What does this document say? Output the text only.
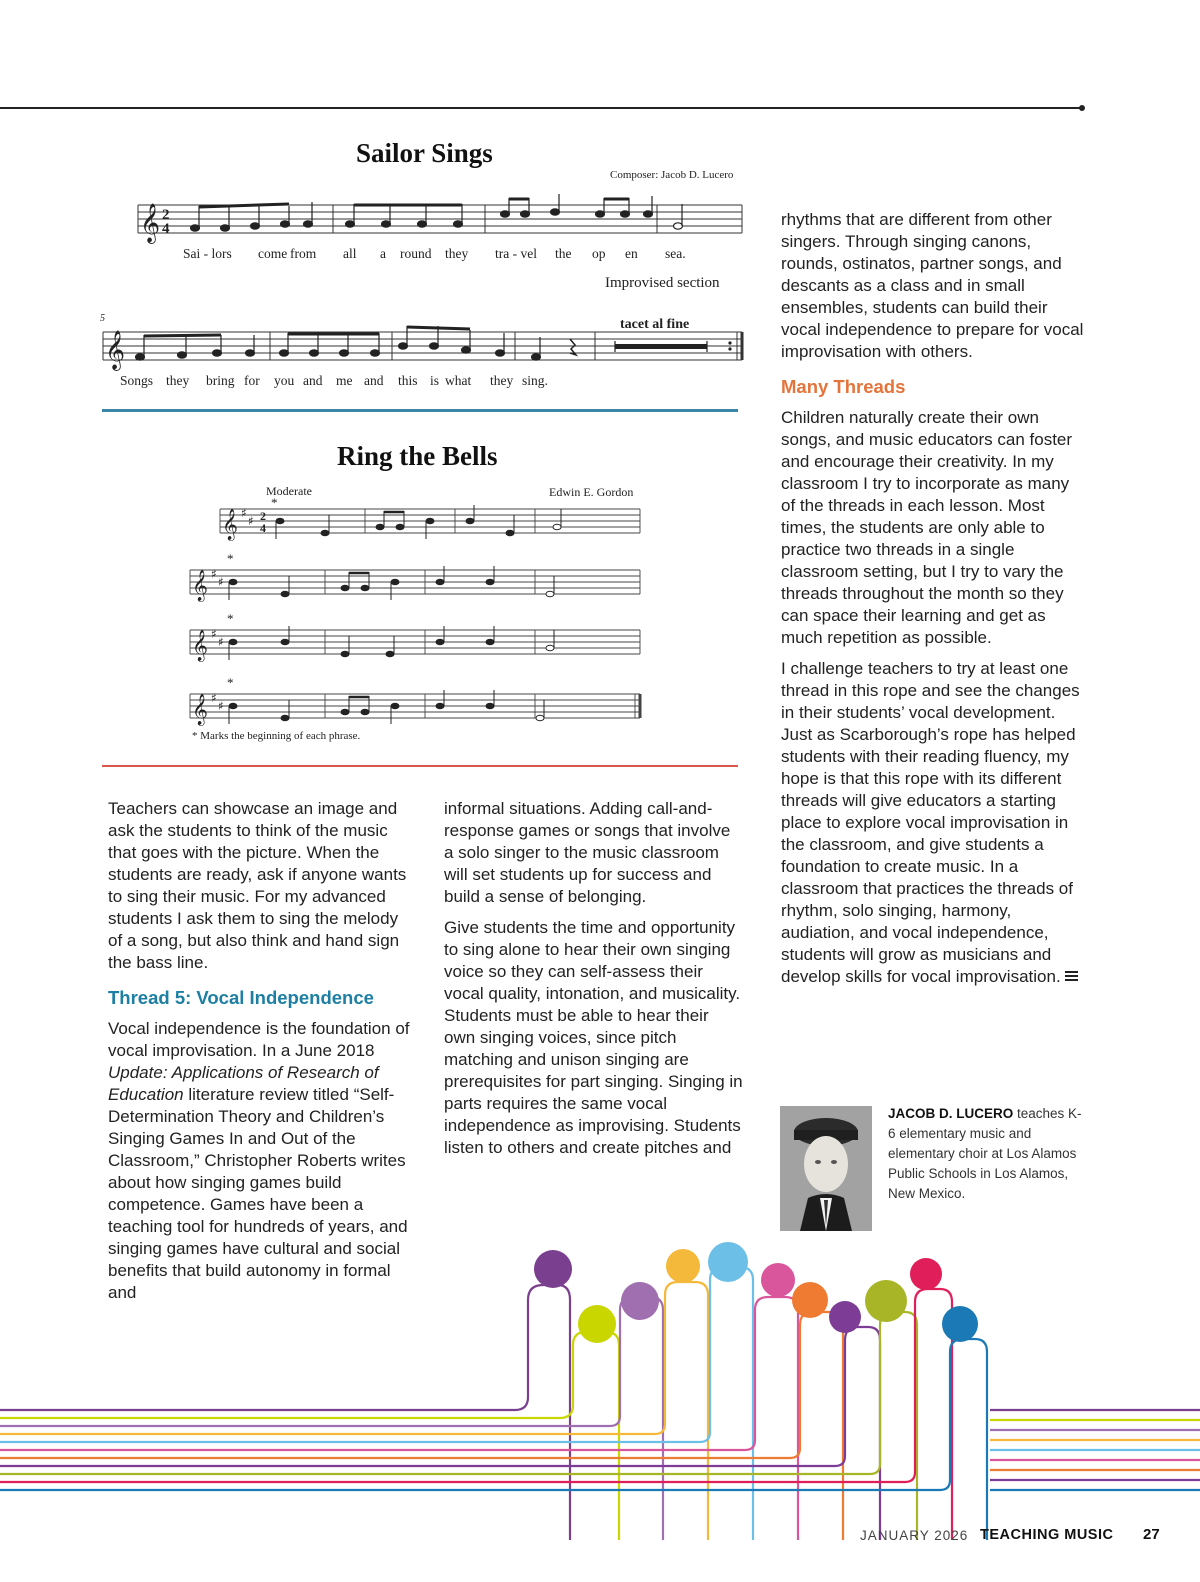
Sailor Sings
Composer: Jacob D. Lucero
𝄞 2
4
5
𝄞
Sai - lors come from all a round they tra - vel the op en sea.
Songs they bring for you and me and this is what they sing.
Improvised section
tacet al fine
Ring the Bells
Moderate	Edwin E. Gordon
𝄞
𝄞
𝄞
𝄞
♯
♯
♯
♯
♯
♯
♯
♯
2
4
*
*
*
*
* Marks the beginning of each phrase.

Teachers can showcase an image and ask the students to think of the music that goes with the picture. When the students are ready, ask if anyone wants to sing their music. For my advanced students I ask them to sing the melody of a song, but also think and hand sign the bass line.

Thread 5: Vocal Independence

Vocal independence is the foundation of vocal improvisation. In a June 2018 Update: Applications of Research of Education literature review titled “Self-Determination Theory and Children’s Singing Games In and Out of the Classroom,” Christopher Roberts writes about how singing games build competence. Games have been a teaching tool for hundreds of years, and singing games have cultural and social benefits that build autonomy in formal and

informal situations. Adding call-and-response games or songs that involve a solo singer to the music classroom will set students up for success and build a sense of belonging.

Give students the time and opportunity to sing alone to hear their own singing voice so they can self-assess their vocal quality, intonation, and musicality. Students must be able to hear their own singing voices, since pitch matching and unison singing are prerequisites for part singing. Singing in parts requires the same vocal independence as improvising. Students listen to others and create pitches and

rhythms that are different from other singers. Through singing canons, rounds, ostinatos, partner songs, and descants as a class and in small ensembles, students can build their vocal independence to prepare for vocal improvisation with others.

Many Threads

Children naturally create their own songs, and music educators can foster and encourage their creativity. In my classroom I try to incorporate as many of the threads in each lesson. Most times, the students are only able to practice two threads in a single classroom setting, but I try to vary the threads throughout the month so they can space their learning and get as much repetition as possible.

I challenge teachers to try at least one thread in this rope and see the changes in their students’ vocal development. Just as Scarborough’s rope has helped students with their reading fluency, my hope is that this rope with its different threads will give educators a starting place to explore vocal improvisation in the classroom, and give students a foundation to create music. In a classroom that practices the threads of rhythm, solo singing, harmony, audiation, and vocal independence, students will grow as musicians and develop skills for vocal improvisation.

JACOB D. LUCERO teaches K-6 elementary music and elementary choir at Los Alamos Public Schools in Los Alamos, New Mexico.
JANUARY 2026 TEACHING MUSIC 27
